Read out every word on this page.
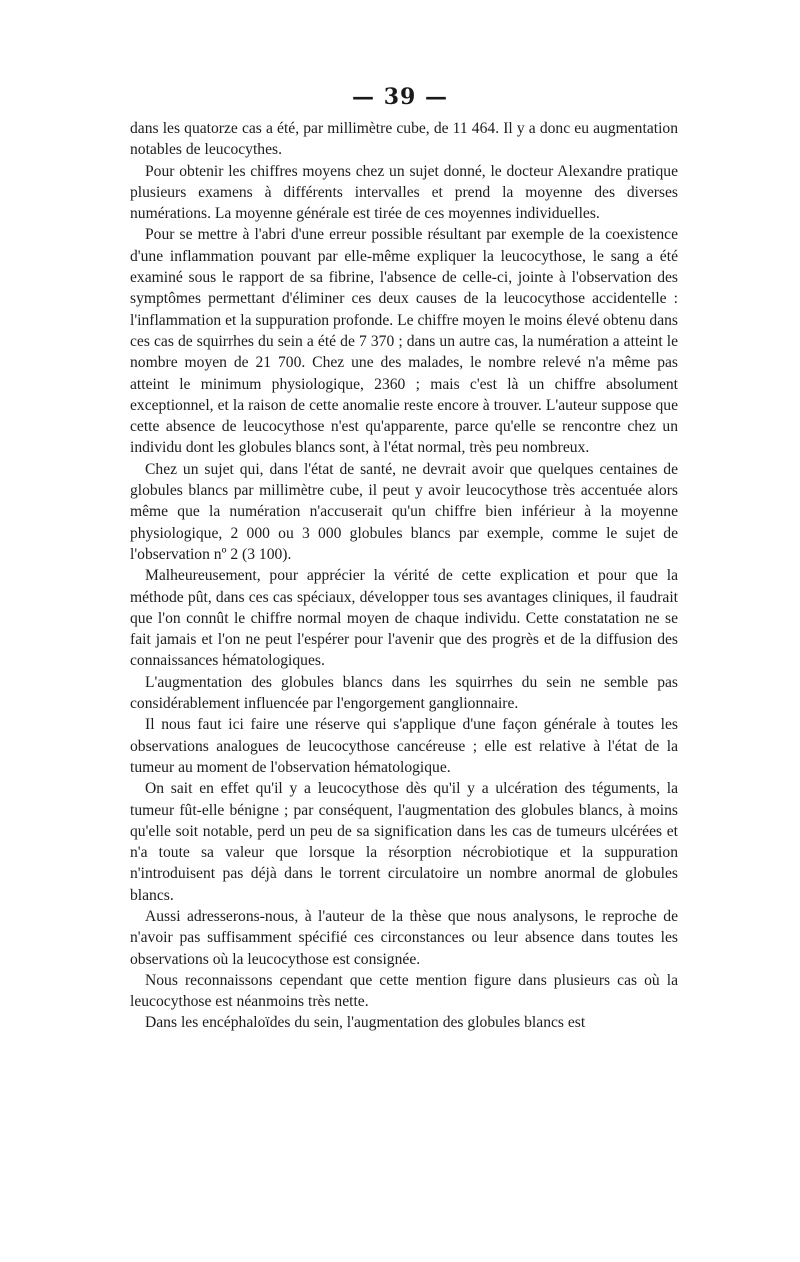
— 39 —

dans les quatorze cas a été, par millimètre cube, de 11 464. Il y a donc eu augmentation notables de leucocythes.

Pour obtenir les chiffres moyens chez un sujet donné, le docteur Alexandre pratique plusieurs examens à différents intervalles et prend la moyenne des diverses numérations. La moyenne générale est tirée de ces moyennes individuelles.

Pour se mettre à l'abri d'une erreur possible résultant par exemple de la coexistence d'une inflammation pouvant par elle-même expliquer la leucocythose, le sang a été examiné sous le rapport de sa fibrine, l'absence de celle-ci, jointe à l'observation des symptômes permettant d'éliminer ces deux causes de la leucocythose accidentelle : l'inflammation et la suppuration profonde. Le chiffre moyen le moins élevé obtenu dans ces cas de squirrhes du sein a été de 7 370 ; dans un autre cas, la numération a atteint le nombre moyen de 21 700. Chez une des malades, le nombre relevé n'a même pas atteint le minimum physiologique, 2360 ; mais c'est là un chiffre absolument exceptionnel, et la raison de cette anomalie reste encore à trouver. L'auteur suppose que cette absence de leucocythose n'est qu'apparente, parce qu'elle se rencontre chez un individu dont les globules blancs sont, à l'état normal, très peu nombreux.

Chez un sujet qui, dans l'état de santé, ne devrait avoir que quelques centaines de globules blancs par millimètre cube, il peut y avoir leucocythose très accentuée alors même que la numération n'accuserait qu'un chiffre bien inférieur à la moyenne physiologique, 2 000 ou 3 000 globules blancs par exemple, comme le sujet de l'observation nº 2 (3 100).

Malheureusement, pour apprécier la vérité de cette explication et pour que la méthode pût, dans ces cas spéciaux, développer tous ses avantages cliniques, il faudrait que l'on connût le chiffre normal moyen de chaque individu. Cette constatation ne se fait jamais et l'on ne peut l'espérer pour l'avenir que des progrès et de la diffusion des connaissances hématologiques.

L'augmentation des globules blancs dans les squirrhes du sein ne semble pas considérablement influencée par l'engorgement ganglionnaire.

Il nous faut ici faire une réserve qui s'applique d'une façon générale à toutes les observations analogues de leucocythose cancéreuse ; elle est relative à l'état de la tumeur au moment de l'observation hématologique.

On sait en effet qu'il y a leucocythose dès qu'il y a ulcération des téguments, la tumeur fût-elle bénigne ; par conséquent, l'augmentation des globules blancs, à moins qu'elle soit notable, perd un peu de sa signification dans les cas de tumeurs ulcérées et n'a toute sa valeur que lorsque la résorption nécrobiotique et la suppuration n'introduisent pas déjà dans le torrent circulatoire un nombre anormal de globules blancs.

Aussi adresserons-nous, à l'auteur de la thèse que nous analysons, le reproche de n'avoir pas suffisamment spécifié ces circonstances ou leur absence dans toutes les observations où la leucocythose est consignée.

Nous reconnaissons cependant que cette mention figure dans plusieurs cas où la leucocythose est néanmoins très nette.

Dans les encéphaloïdes du sein, l'augmentation des globules blancs est
